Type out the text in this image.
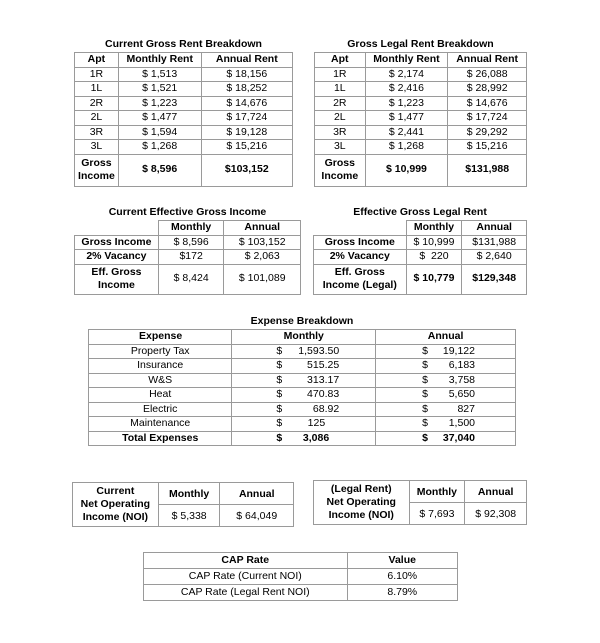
Current Gross Rent Breakdown
Apt	Monthly Rent	Annual Rent
1R	$ 1,513	$ 18,156
1L	$ 1,521	$ 18,252
2R	$ 1,223	$ 14,676
2L	$ 1,477	$ 17,724
3R	$ 1,594	$ 19,128
3L	$ 1,268	$ 15,216

Gross
Income	$ 8,596	$103,152
Gross Legal Rent Breakdown
Apt	Monthly Rent	Annual Rent
1R	$ 2,174	$ 26,088
1L	$ 2,416	$ 28,992
2R	$ 1,223	$ 14,676
2L	$ 1,477	$ 17,724
3R	$ 2,441	$ 29,292
3L	$ 1,268	$ 15,216

Gross
Income	$ 10,999	$131,988
Current Effective Gross Income
	Monthly	Annual
Gross Income	$ 8,596	$ 103,152
2% Vacancy	$172	$ 2,063

Eff. Gross
Income	$ 8,424	$ 101,089
Effective Gross Legal Rent
	Monthly	Annual
Gross Income	$ 10,999	$131,988
2% Vacancy	$  220	$ 2,640

Eff. Gross
Income (Legal)	$ 10,779	$129,348
Expense Breakdown
Expense	Monthly	Annual
Property Tax	$ 1,593.50	$ 19,122

Insurance	$ 515.25	$ 6,183

W&S	$ 313.17	$ 3,758

Heat	$ 470.83	$ 5,650

Electric	$ 68.92	$ 827

Maintenance	$ 125	$ 1,500

Total Expenses	$ 3,086	$ 37,040
Current
Net Operating
Income (NOI)	Monthly	Annual
	$ 5,338	$ 64,049
(Legal Rent)
Net Operating
Income (NOI)	Monthly	Annual
	$ 7,693	$ 92,308
CAP Rate	Value
CAP Rate (Current NOI)	6.10%
CAP Rate (Legal Rent NOI)	8.79%
